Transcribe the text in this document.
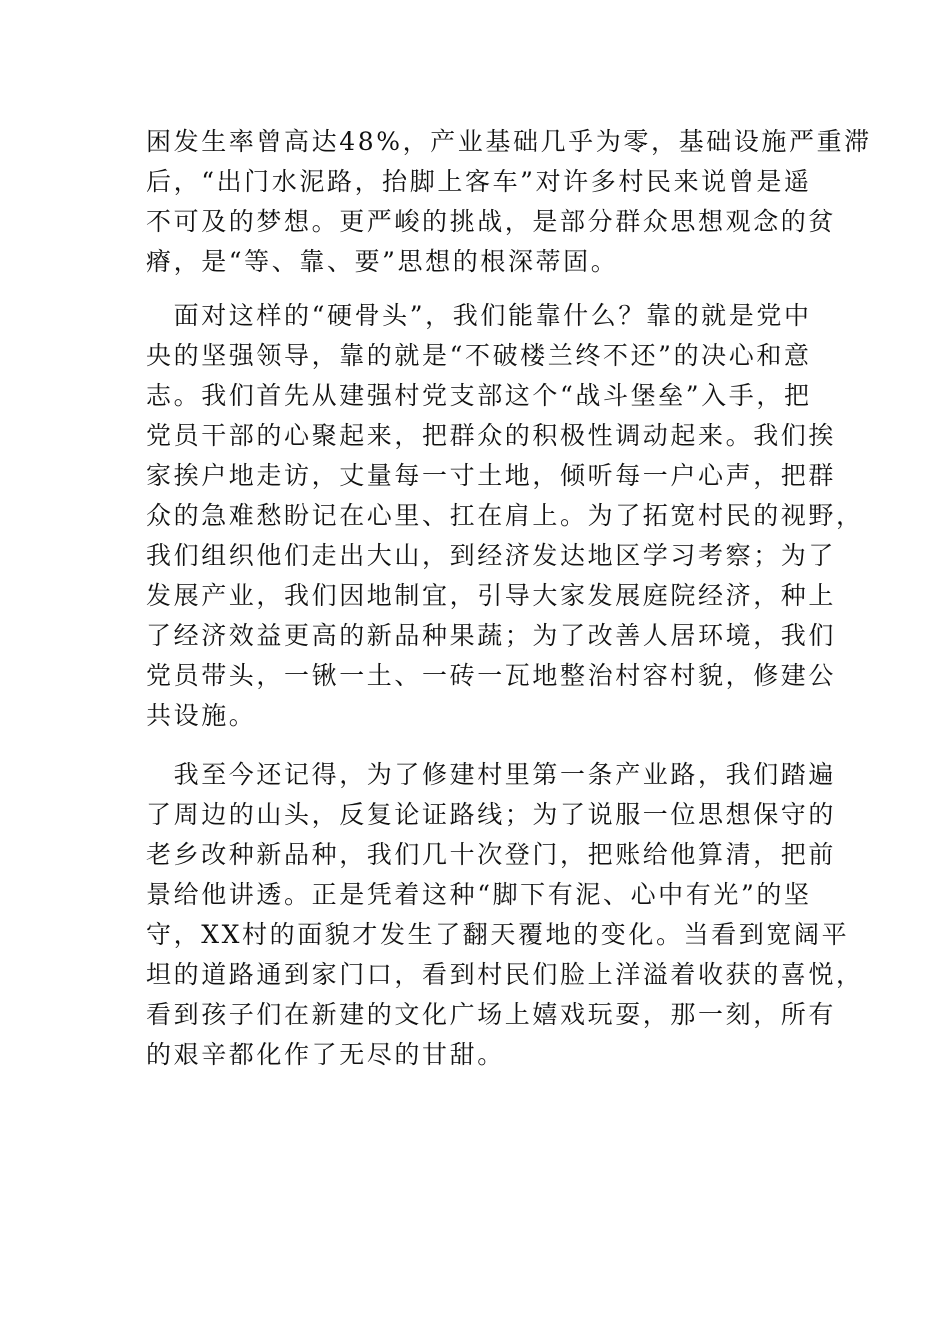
困发生率曾高达48%，产业基础几乎为零，基础设施严重滞
后，“出门水泥路，抬脚上客车”对许多村民来说曾是遥
不可及的梦想。更严峻的挑战，是部分群众思想观念的贫
瘠，是“等、靠、要”思想的根深蒂固。
　面对这样的“硬骨头”，我们能靠什么？靠的就是党中
央的坚强领导，靠的就是“不破楼兰终不还”的决心和意
志。我们首先从建强村党支部这个“战斗堡垒”入手，把
党员干部的心聚起来，把群众的积极性调动起来。我们挨
家挨户地走访，丈量每一寸土地，倾听每一户心声，把群
众的急难愁盼记在心里、扛在肩上。为了拓宽村民的视野，
我们组织他们走出大山，到经济发达地区学习考察；为了
发展产业，我们因地制宜，引导大家发展庭院经济，种上
了经济效益更高的新品种果蔬；为了改善人居环境，我们
党员带头，一锹一土、一砖一瓦地整治村容村貌，修建公
共设施。
　我至今还记得，为了修建村里第一条产业路，我们踏遍
了周边的山头，反复论证路线；为了说服一位思想保守的
老乡改种新品种，我们几十次登门，把账给他算清，把前
景给他讲透。正是凭着这种“脚下有泥、心中有光”的坚
守，XX村的面貌才发生了翻天覆地的变化。当看到宽阔平
坦的道路通到家门口，看到村民们脸上洋溢着收获的喜悦，
看到孩子们在新建的文化广场上嬉戏玩耍，那一刻，所有
的艰辛都化作了无尽的甘甜。
